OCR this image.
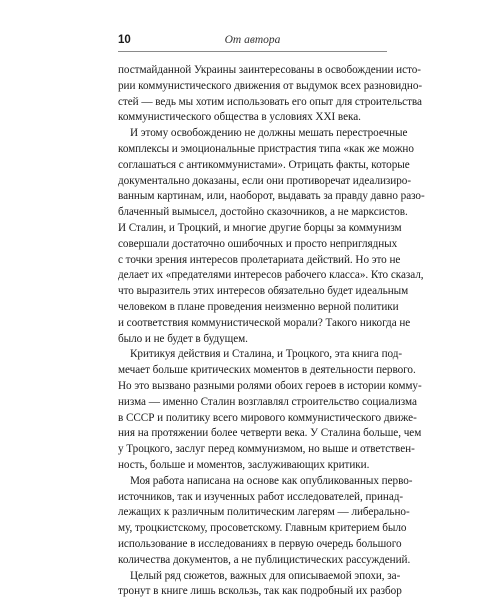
10	От автора
постмайданной Украины заинтересованы в освобождении исто-
рии коммунистического движения от выдумок всех разновидно-
стей — ведь мы хотим использовать его опыт для строительства
коммунистического общества в условиях XXI века.
И этому освобождению не должны мешать перестроечные
комплексы и эмоциональные пристрастия типа «как же можно
соглашаться с антикоммунистами». Отрицать факты, которые
документально доказаны, если они противоречат идеализиро-
ванным картинам, или, наоборот, выдавать за правду давно разо-
блаченный вымысел, достойно сказочников, а не марксистов.
И Сталин, и Троцкий, и многие другие борцы за коммунизм
совершали достаточно ошибочных и просто неприглядных
с точки зрения интересов пролетариата действий. Но это не
делает их «предателями интересов рабочего класса». Кто сказал,
что выразитель этих интересов обязательно будет идеальным
человеком в плане проведения неизменно верной политики
и соответствия коммунистической морали? Такого никогда не
было и не будет в будущем.
Критикуя действия и Сталина, и Троцкого, эта книга под-
мечает больше критических моментов в деятельности первого.
Но это вызвано разными ролями обоих героев в истории комму-
низма — именно Сталин возглавлял строительство социализма
в СССР и политику всего мирового коммунистического движе-
ния на протяжении более четверти века. У Сталина больше, чем
у Троцкого, заслуг перед коммунизмом, но выше и ответствен-
ность, больше и моментов, заслуживающих критики.
Моя работа написана на основе как опубликованных перво-
источников, так и изученных работ исследователей, принад-
лежащих к различным политическим лагерям — либерально-
му, троцкистскому, просоветскому. Главным критерием было
использование в исследованиях в первую очередь большого
количества документов, а не публицистических рассуждений.
Целый ряд сюжетов, важных для описываемой эпохи, за-
тронут в книге лишь вскользь, так как подробный их разбор
